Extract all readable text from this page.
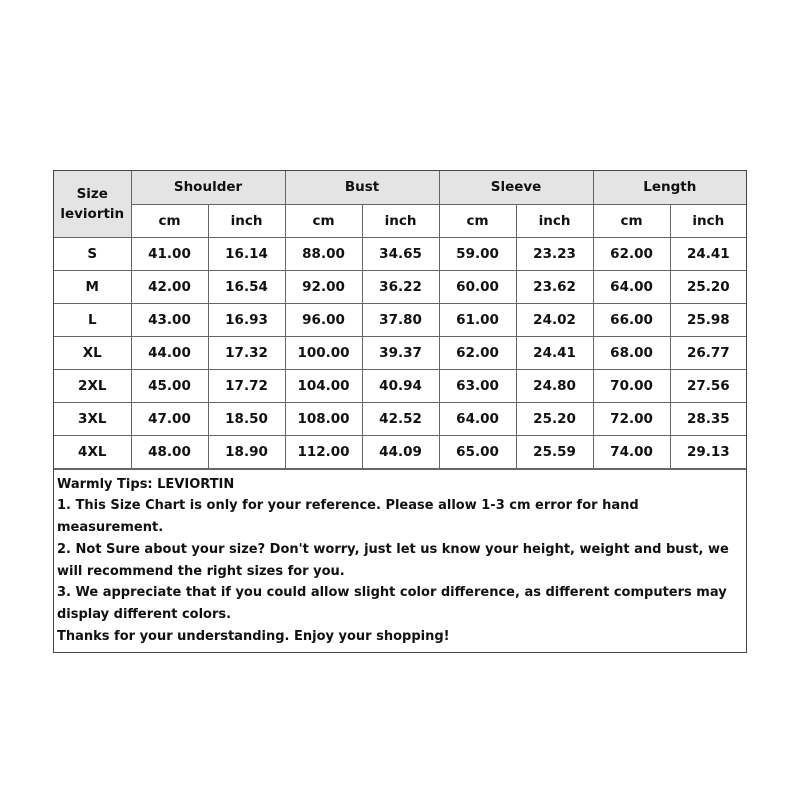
Size
leviortin	Shoulder		Bust		Sleeve		Length	
	cm	inch	cm	inch	cm	inch	cm	inch
S	41.00	16.14	88.00	34.65	59.00	23.23	62.00	24.41
M	42.00	16.54	92.00	36.22	60.00	23.62	64.00	25.20
L	43.00	16.93	96.00	37.80	61.00	24.02	66.00	25.98
XL	44.00	17.32	100.00	39.37	62.00	24.41	68.00	26.77
2XL	45.00	17.72	104.00	40.94	63.00	24.80	70.00	27.56
3XL	47.00	18.50	108.00	42.52	64.00	25.20	72.00	28.35
4XL	48.00	18.90	112.00	44.09	65.00	25.59	74.00	29.13
Warmly Tips: LEVIORTIN
1. This Size Chart is only for your reference. Please allow 1-3 cm error for hand measurement.
2. Not Sure about your size? Don't worry, just let us know your height, weight and bust, we will recommend the right sizes for you.
3. We appreciate that if you could allow slight color difference, as different computers may display different colors.
Thanks for your understanding. Enjoy your shopping!
